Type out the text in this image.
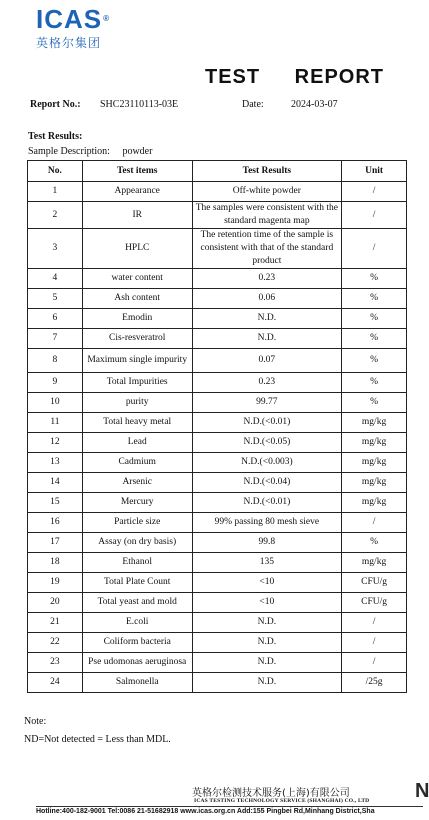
ICAS®
英格尔集团
TEST REPORT
Report No.: SHC23110113-03E	Date:	2024-03-07
Test Results:
Sample Description: powder
No.	Test items	Test Results	Unit
1	Appearance	Off-white powder	/
2	IR	The samples were consistent with the standard magenta map	/
3	HPLC	The retention time of the sample is consistent with that of the standard product	/
4	water content	0.23	%
5	Ash content	0.06	%
6	Emodin	N.D.	%
7	Cis-resveratrol	N.D.	%
8	Maximum single impurity	0.07	%
9	Total Impurities	0.23	%
10	purity	99.77	%
11	Total heavy metal	N.D.(<0.01)	mg/kg
12	Lead	N.D.(<0.05)	mg/kg
13	Cadmium	N.D.(<0.003)	mg/kg
14	Arsenic	N.D.(<0.04)	mg/kg
15	Mercury	N.D.(<0.01)	mg/kg
16	Particle size	99% passing 80 mesh sieve	/
17	Assay (on dry basis)	99.8	%
18	Ethanol	135	mg/kg
19	Total Plate Count	<10	CFU/g
20	Total yeast and mold	<10	CFU/g
21	E.coli	N.D.	/
22	Coliform bacteria	N.D.	/
23	Pse udomonas aeruginosa	N.D.	/
24	Salmonella	N.D.	/25g
Note:
ND=Not detected = Less than MDL.
英格尔检测技术服务(上海)有限公司
ICAS TESTING TECHNOLOGY SERVICE (SHANGHAI) CO., LTD
Hotline:400-182-9001 Tel:0086 21-51682918 www.icas.org.cn Add:155 Pingbei Rd,Minhang District,Sha
N
